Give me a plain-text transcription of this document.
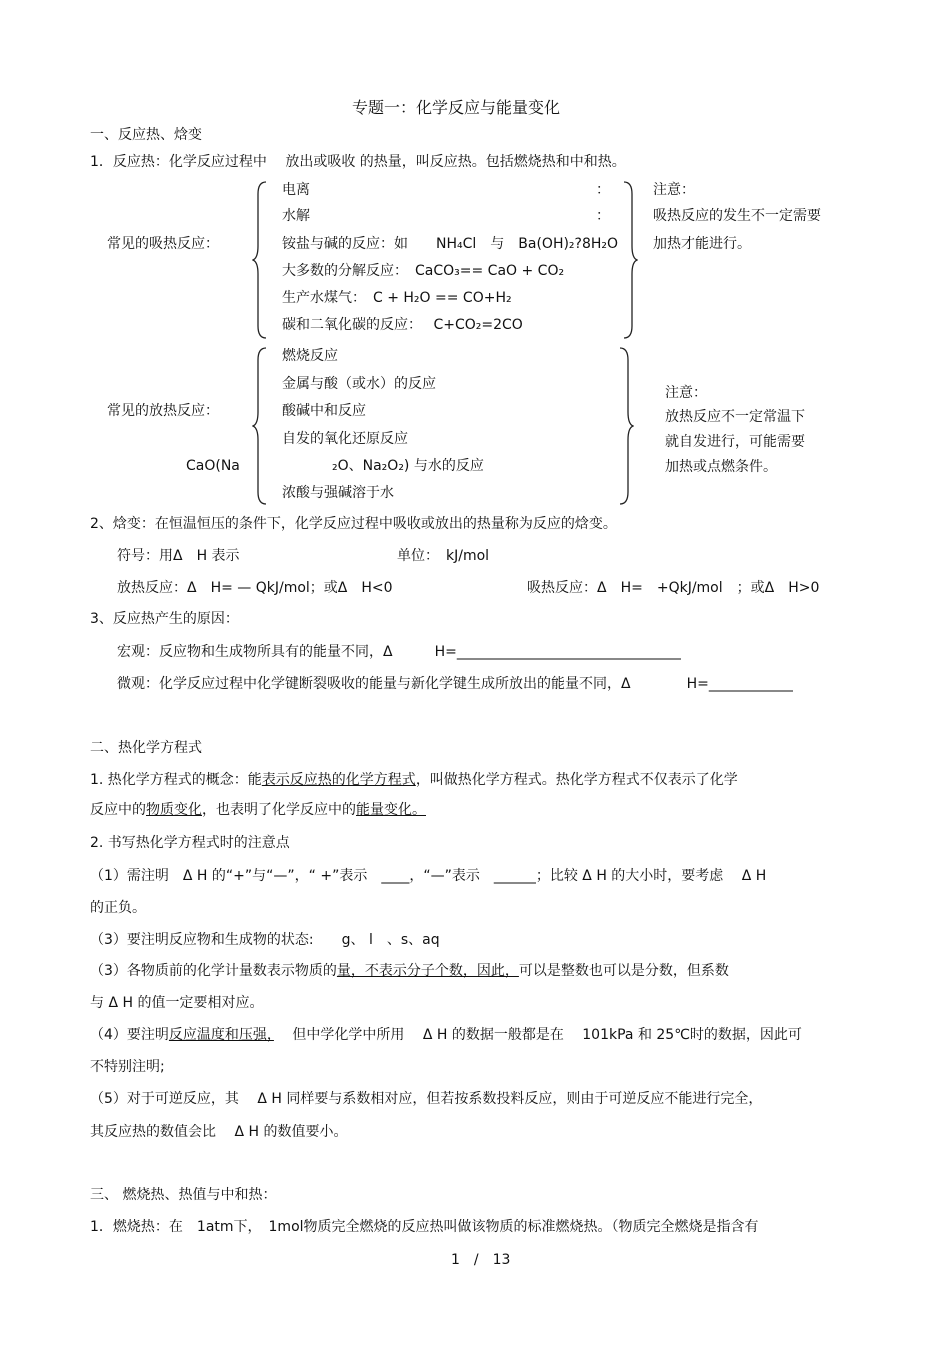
专题一：化学反应与能量变化
一、反应热、焓变
1．反应热：化学反应过程中　 放出或吸收 的热量，叫反应热。包括燃烧热和中和热。
常见的吸热反应：
电离
水解
铵盐与碱的反应：如　　NH₄Cl　与　Ba(OH)₂?8H₂O
大多数的分解反应：　CaCO₃== CaO + CO₂
生产水煤气：　C + H₂O == CO+H₂
碳和二氧化碳的反应：　 C+CO₂=2CO
：
：
注意：
吸热反应的发生不一定需要
加热才能进行。
常见的放热反应：
燃烧反应
金属与酸（或水）的反应
酸碱中和反应
自发的氧化还原反应
CaO(Na	₂O、Na₂O₂) 与水的反应
浓酸与强碱溶于水
注意：
放热反应不一定常温下
就自发进行，可能需要
加热或点燃条件。
2、焓变：在恒温恒压的条件下，化学反应过程中吸收或放出的热量称为反应的焓变。
符号：用Δ　H 表示	单位：　kJ/mol
放热反应：Δ　H= — QkJ/mol；或Δ　H<0	吸热反应：Δ　H=　+QkJ/mol　；或Δ　H>0
3、反应热产生的原因：
宏观：反应物和生成物所具有的能量不同，Δ　　　H=________________________________
微观：化学反应过程中化学键断裂吸收的能量与新化学键生成所放出的能量不同，Δ　　　　H=____________
二、热化学方程式
1. 热化学方程式的概念：能表示反应热的化学方程式，叫做热化学方程式。热化学方程式不仅表示了化学
反应中的物质变化，也表明了化学反应中的能量变化。
2. 书写热化学方程式时的注意点
（1）需注明　Δ H 的“+”与“—”，“ +”表示　____，“—”表示　______；比较 Δ H 的大小时，要考虑　 Δ H
的正负。
（3）要注明反应物和生成物的状态:　　g、 l　、s、aq
（3）各物质前的化学计量数表示物质的量，不表示分子个数，因此，可以是整数也可以是分数，但系数
与 Δ H 的值一定要相对应。
（4）要注明反应温度和压强，　 但中学化学中所用　 Δ H 的数据一般都是在　 101kPa 和 25℃时的数据，因此可
不特别注明;
（5）对于可逆反应，其　 Δ H 同样要与系数相对应，但若按系数投料反应，则由于可逆反应不能进行完全，
其反应热的数值会比　 Δ H 的数值要小。
三、 燃烧热、热值与中和热：
1．燃烧热：在　1atm下，　1mol物质完全燃烧的反应热叫做该物质的标准燃烧热。（物质完全燃烧是指含有
1　/　13
